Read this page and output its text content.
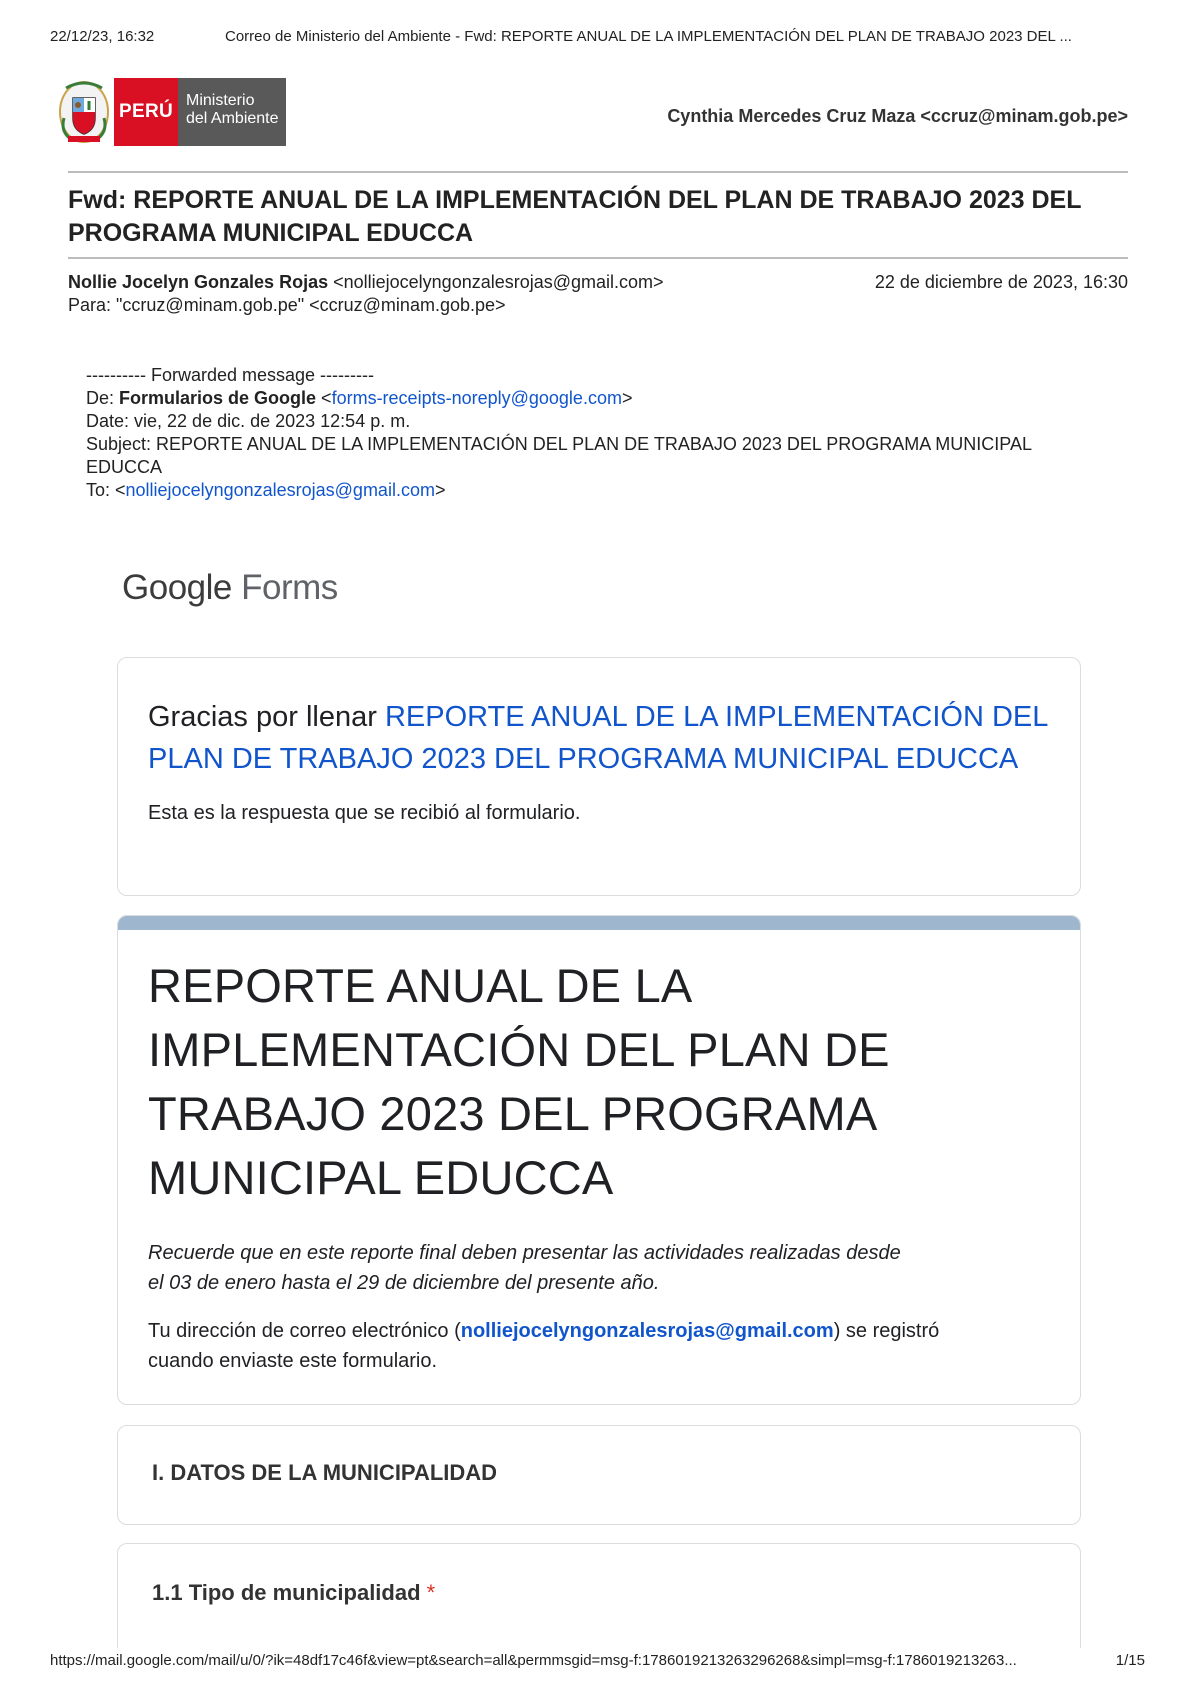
22/12/23, 16:32	Correo de Ministerio del Ambiente - Fwd: REPORTE ANUAL DE LA IMPLEMENTACIÓN DEL PLAN DE TRABAJO 2023 DEL ...
PERÚ
Ministerio
del Ambiente	Cynthia Mercedes Cruz Maza <ccruz@minam.gob.pe>
Fwd: REPORTE ANUAL DE LA IMPLEMENTACIÓN DEL PLAN DE TRABAJO 2023 DEL PROGRAMA MUNICIPAL EDUCCA
Nollie Jocelyn Gonzales Rojas <nolliejocelyngonzalesrojas@gmail.com>	22 de diciembre de 2023, 16:30
Para: "ccruz@minam.gob.pe" <ccruz@minam.gob.pe>
---------- Forwarded message ---------
De: Formularios de Google <forms-receipts-noreply@google.com>
Date: vie, 22 de dic. de 2023 12:54 p. m.
Subject: REPORTE ANUAL DE LA IMPLEMENTACIÓN DEL PLAN DE TRABAJO 2023 DEL PROGRAMA MUNICIPAL EDUCCA
To: <nolliejocelyngonzalesrojas@gmail.com>
Google Forms
Gracias por llenar REPORTE ANUAL DE LA IMPLEMENTACIÓN DEL PLAN DE TRABAJO 2023 DEL PROGRAMA MUNICIPAL EDUCCA
Esta es la respuesta que se recibió al formulario.
REPORTE ANUAL DE LA IMPLEMENTACIÓN DEL PLAN DE TRABAJO 2023 DEL PROGRAMA MUNICIPAL EDUCCA
Recuerde que en este reporte final deben presentar las actividades realizadas desde el 03 de enero hasta el 29 de diciembre del presente año.
Tu dirección de correo electrónico (nolliejocelyngonzalesrojas@gmail.com) se registró cuando enviaste este formulario.
I. DATOS DE LA MUNICIPALIDAD
1.1 Tipo de municipalidad *
https://mail.google.com/mail/u/0/?ik=48df17c46f&view=pt&search=all&permmsgid=msg-f:1786019213263296268&simpl=msg-f:1786019213263...	1/15
